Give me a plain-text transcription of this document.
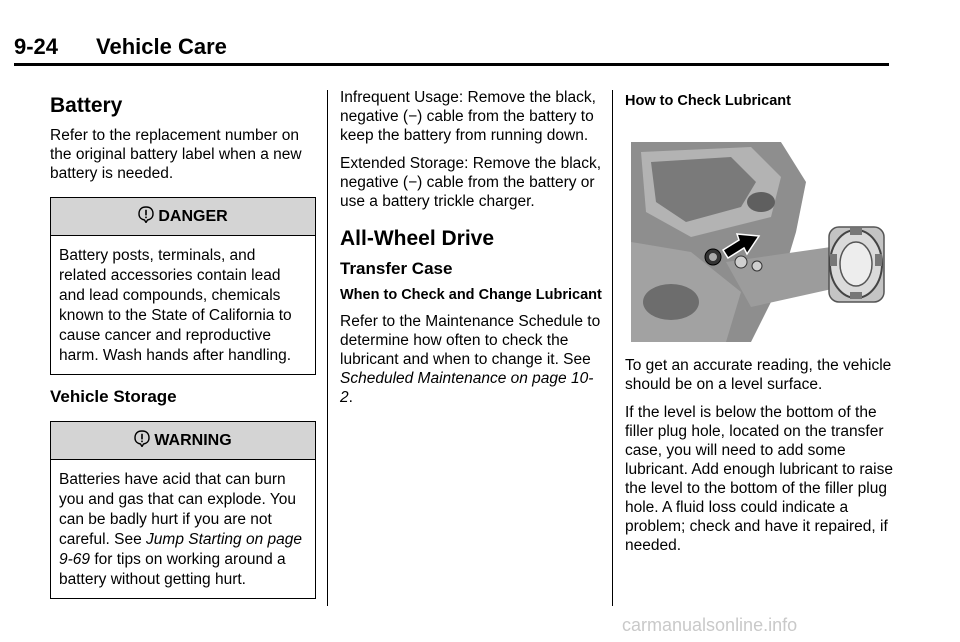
9-24 Vehicle Care
Battery

Refer to the replacement number on the original battery label when a new battery is needed.

DANGER
Battery posts, terminals, and related accessories contain lead and lead compounds, chemicals known to the State of California to cause cancer and reproductive harm. Wash hands after handling.
Vehicle Storage
WARNING
Batteries have acid that can burn you and gas that can explode. You can be badly hurt if you are not careful. See Jump Starting on page 9-69 for tips on working around a battery without getting hurt.

Infrequent Usage: Remove the black, negative (−) cable from the battery to keep the battery from running down.

Extended Storage: Remove the black, negative (−) cable from the battery or use a battery trickle charger.

All-Wheel Drive
Transfer Case
When to Check and Change Lubricant

Refer to the Maintenance Schedule to determine how often to check the lubricant and when to change it. See Scheduled Maintenance on page 10-2.

How to Check Lubricant

To get an accurate reading, the vehicle should be on a level surface.

If the level is below the bottom of the filler plug hole, located on the transfer case, you will need to add some lubricant. Add enough lubricant to raise the level to the bottom of the filler plug hole. A fluid loss could indicate a problem; check and have it repaired, if needed.

carmanualsonline.info
